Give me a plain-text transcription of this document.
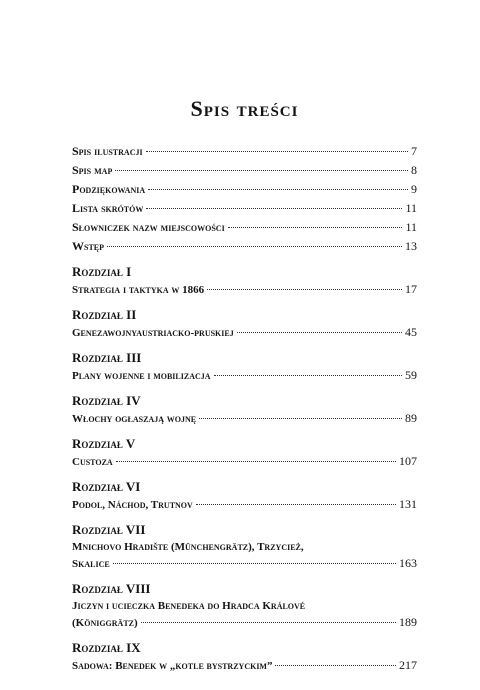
Spis treści
Spis ilustracji	7
Spis map	8
Podziękowania	9
Lista skrótów	11
Słowniczek nazw miejscowości	11
Wstęp	13
Rozdział I
Strategia i taktyka w 1866	17
Rozdział II
Genezawojnyaustriacko-pruskiej	45
Rozdział III
Plany wojenne i mobilizacja	59
Rozdział IV
Włochy ogłaszają wojnę	89
Rozdział V
Custoza	107
Rozdział VI
Podol, Náchod, Trutnov	131
Rozdział VII
Mnichovo Hradište (Münchengrätz), Trzycież,
Skalice	163
Rozdział VIII
Jiczyn i ucieczka Benedeka do Hradca Králové
(Königgrätz)	189
Rozdział IX
Sadowa: Benedek w „kotle bystrzyckim”	217
